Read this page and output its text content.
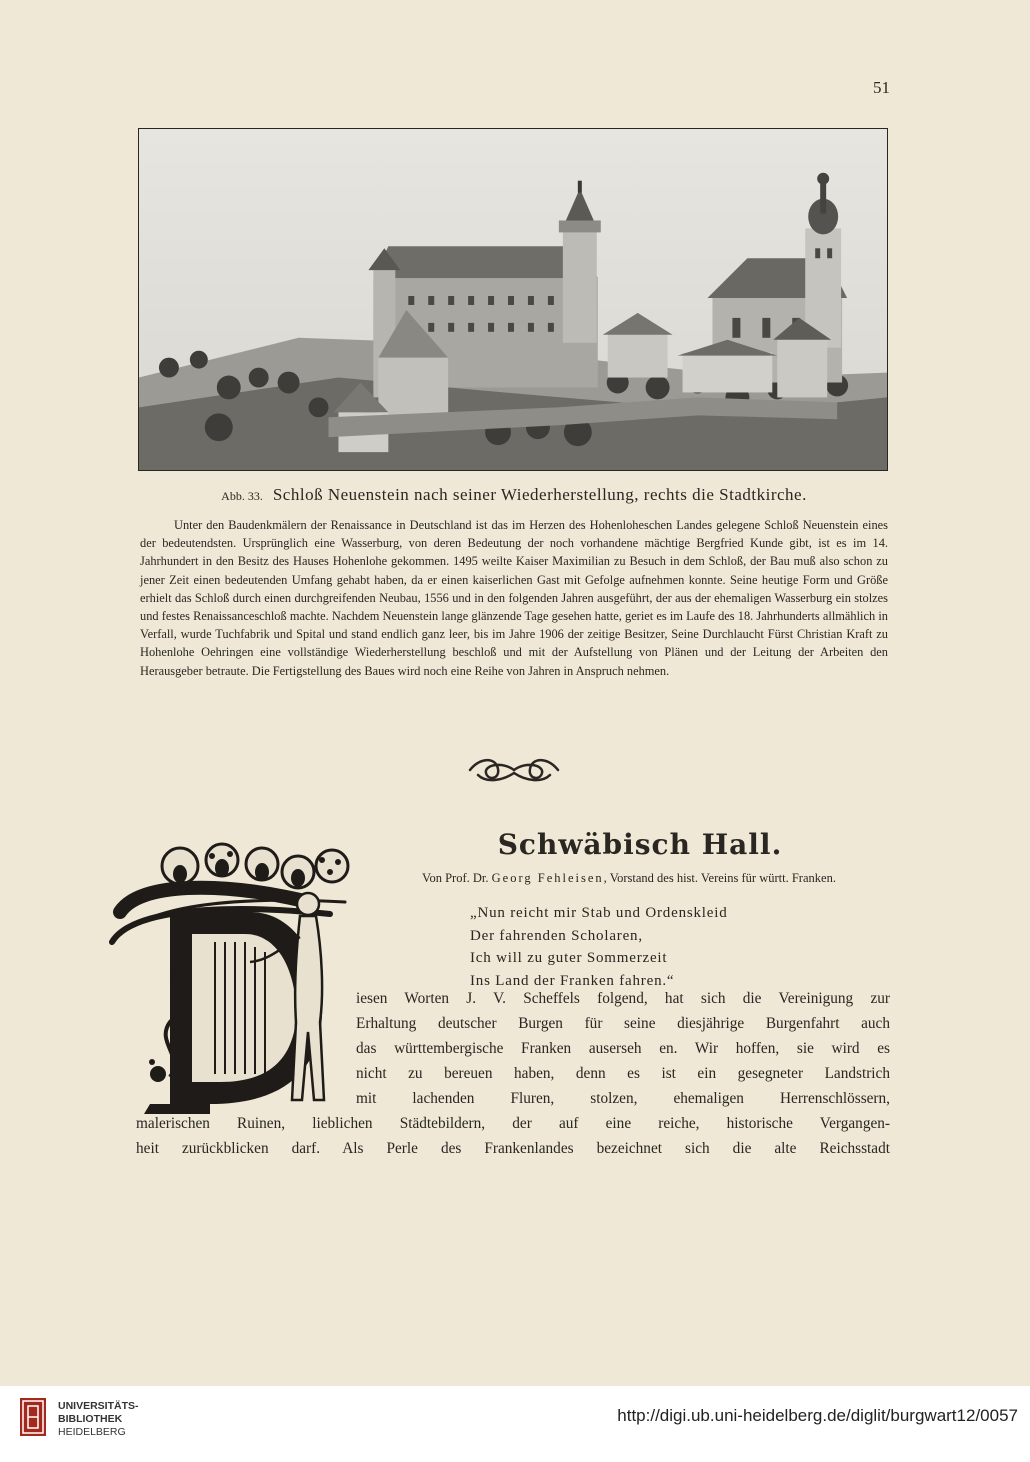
51
Abb. 33. Schloß Neuenstein nach seiner Wiederherstellung, rechts die Stadtkirche.

Unter den Baudenkmälern der Renaissance in Deutschland ist das im Herzen des Hohenloheschen Landes gelegene Schloß Neuenstein eines der bedeutendsten. Ursprünglich eine Wasserburg, von deren Bedeutung der noch vorhandene mächtige Bergfried Kunde gibt, ist es im 14. Jahrhundert in den Besitz des Hauses Hohenlohe gekommen. 1495 weilte Kaiser Maximilian zu Besuch in dem Schloß, der Bau muß also schon zu jener Zeit einen bedeutenden Umfang gehabt haben, da er einen kaiserlichen Gast mit Gefolge aufnehmen konnte. Seine heutige Form und Größe erhielt das Schloß durch einen durchgreifenden Neubau, 1556 und in den folgenden Jahren ausgeführt, der aus der ehemaligen Wasserburg ein stolzes und festes Renaissanceschloß machte. Nachdem Neuenstein lange glänzende Tage gesehen hatte, geriet es im Laufe des 18. Jahrhunderts allmählich in Verfall, wurde Tuchfabrik und Spital und stand endlich ganz leer, bis im Jahre 1906 der zeitige Besitzer, Seine Durchlaucht Fürst Christian Kraft zu Hohenlohe Oehringen eine vollständige Wiederherstellung beschloß und mit der Aufstellung von Plänen und der Leitung der Arbeiten den Herausgeber betraute. Die Fertigstellung des Baues wird noch eine Reihe von Jahren in Anspruch nehmen.

Schwäbisch Hall.
Von Prof. Dr. Georg Fehleisen, Vorstand des hist. Vereins für württ. Franken.
„Nun reicht mir Stab und Ordenskleid
Der fahrenden Scholaren,
Ich will zu guter Sommerzeit
Ins Land der Franken fahren.“
RB
iesen Worten J. V. Scheffels folgend, hat sich die Vereinigung zur
Erhaltung deutscher Burgen für seine diesjährige Burgenfahrt auch
das württembergische Franken auserseh en. Wir hoffen, sie wird es
nicht zu bereuen haben, denn es ist ein gesegneter Landstrich
mit lachenden Fluren, stolzen, ehemaligen Herrenschlössern,
malerischen Ruinen, lieblichen Städtebildern, der auf eine reiche, historische Vergangen-
heit zurückblicken darf. Als Perle des Frankenlandes bezeichnet sich die alte Reichsstadt
UNIVERSITÄTS-
BIBLIOTHEK
HEIDELBERG
http://digi.ub.uni-heidelberg.de/diglit/burgwart12/0057
